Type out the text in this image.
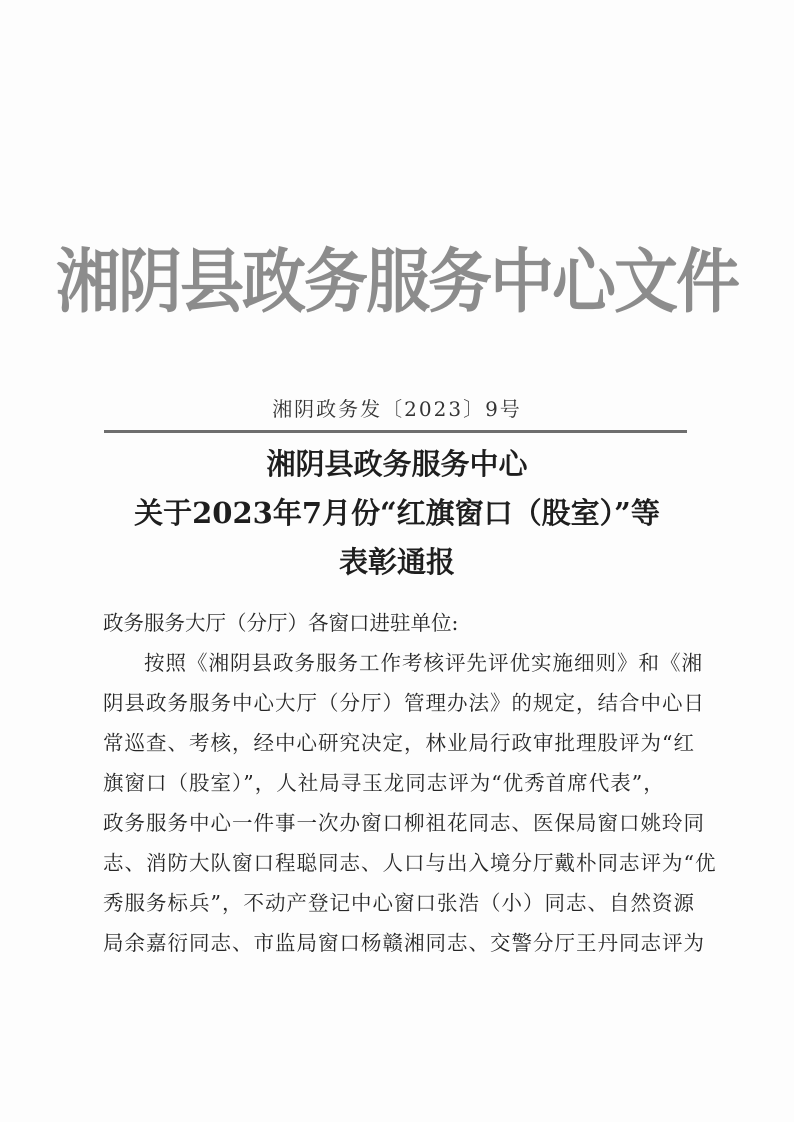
湘阴县政务服务中心文件
湘阴政务发〔2023〕9号
湘阴县政务服务中心
关于2023年7月份“红旗窗口（股室）”等
表彰通报
政务服务大厅（分厅）各窗口进驻单位:
按照《湘阴县政务服务工作考核评先评优实施细则》和《湘
阴县政务服务中心大厅（分厅）管理办法》的规定，结合中心日
常巡查、考核，经中心研究决定，林业局行政审批理股评为“红
旗窗口（股室）”，人社局寻玉龙同志评为“优秀首席代表”，
政务服务中心一件事一次办窗口柳祖花同志、医保局窗口姚玲同
志、消防大队窗口程聪同志、人口与出入境分厅戴朴同志评为“优
秀服务标兵”，不动产登记中心窗口张浩（小）同志、自然资源
局余嘉衍同志、市监局窗口杨赣湘同志、交警分厅王丹同志评为
